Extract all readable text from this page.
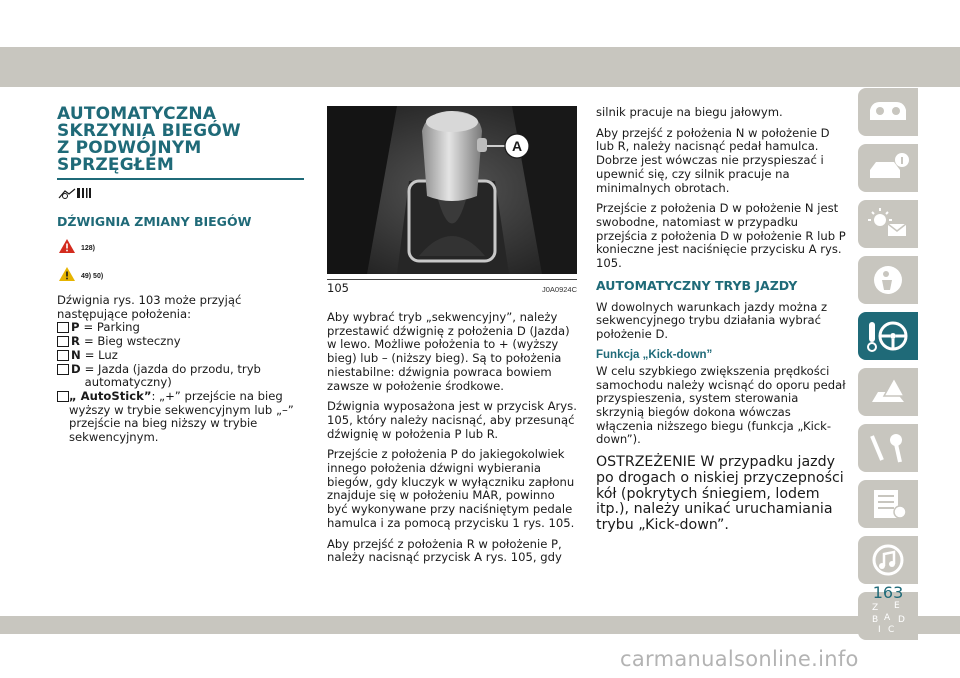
AUTOMATYCZNA
SKRZYNIA BIEGÓW
Z PODWÓJNYM
SPRZĘGŁEM
DŹWIGNIA ZMIANY BIEGÓW
128)
49) 50)

Dźwignia rys. 103 może przyjąć następujące położenia:

P = Parking
R = Bieg wsteczny
N = Luz
D = Jazda (jazda do przodu, tryb automatyczny)
„ AutoStick”: „+” przejście na bieg wyższy w trybie sekwencyjnym lub „–” przejście na bieg niższy w trybie sekwencyjnym.
A
105	J0A0924C

Aby wybrać tryb „sekwencyjny”, należy przestawić dźwignię z położenia D (Jazda) w lewo. Możliwe położenia to + (wyższy bieg) lub – (niższy bieg). Są to położenia niestabilne: dźwignia powraca bowiem zawsze w położenie środkowe.

Dźwignia wyposażona jest w przycisk Arys. 105, który należy nacisnąć, aby przesunąć dźwignię w położenia P lub R.

Przejście z położenia P do jakiegokolwiek innego położenia dźwigni wybierania biegów, gdy kluczyk w wyłączniku zapłonu znajduje się w położeniu MAR, powinno być wykonywane przy naciśniętym pedale hamulca i za pomocą przycisku 1 rys. 105.

Aby przejść z położenia R w położenie P, należy nacisnąć przycisk A rys. 105, gdy

silnik pracuje na biegu jałowym.

Aby przejść z położenia N w położenie D lub R, należy nacisnąć pedał hamulca. Dobrze jest wówczas nie przyspieszać i upewnić się, czy silnik pracuje na minimalnych obrotach.

Przejście z położenia D w położenie N jest swobodne, natomiast w przypadku przejścia z położenia D w położenie R lub P konieczne jest naciśnięcie przycisku A rys. 105.

AUTOMATYCZNY TRYB JAZDY

W dowolnych warunkach jazdy można z sekwencyjnego trybu działania wybrać położenie D.

Funkcja „Kick-down”

W celu szybkiego zwiększenia prędkości samochodu należy wcisnąć do oporu pedał przyspieszenia, system sterowania skrzynią biegów dokona wówczas włączenia niższego biegu (funkcja „Kick-down”).

OSTRZEŻENIE W przypadku jazdy po drogach o niskiej przyczepności kół (pokrytych śniegiem, lodem itp.), należy unikać uruchamiania trybu „Kick-down”.

Z E
B A D
I C
163
carmanualsonline.info
